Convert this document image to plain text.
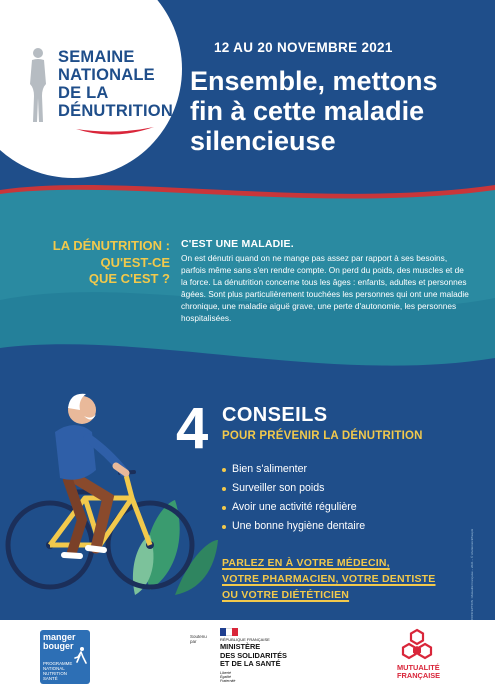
SEMAINE
NATIONALE
DE LA
DÉNUTRITION
12 AU 20 NOVEMBRE 2021
Ensemble, mettons
fin à cette maladie
silencieuse
LA DÉNUTRITION :
QU'EST-CE
QUE C'EST ?
C'EST UNE MALADIE.
On est dénutri quand on ne mange pas assez par rapport à ses besoins, parfois même sans s'en rendre compte. On perd du poids, des muscles et de la force. La dénutrition concerne tous les âges : enfants, adultes et personnes âgées. Sont plus particulièrement touchées les personnes qui ont une maladie chronique, une maladie aiguë grave, une perte d'autonomie, les personnes hospitalisées.
4 CONSEILS
POUR PRÉVENIR LA DÉNUTRITION
Bien s'alimenter
Surveiller son poids
Avoir une activité régulière
Une bonne hygiène dentaire
PARLEZ EN À VOTRE MÉDECIN,
VOTRE PHARMACIEN, VOTRE DENTISTE
OU VOTRE DIÉTÉTICIEN	CONCEPTION : Mutualité Française – 2021 – © shutterstock/freepik
manger
bouger
PROGRAMME
NATIONAL
NUTRITION
SANTÉ
Soutenu
par	RÉPUBLIQUE FRANÇAISE
MINISTÈRE
DES SOLIDARITÉS
ET DE LA SANTÉ
Liberté
Égalité
Fraternité
MUTUALITÉ
FRANÇAISE
